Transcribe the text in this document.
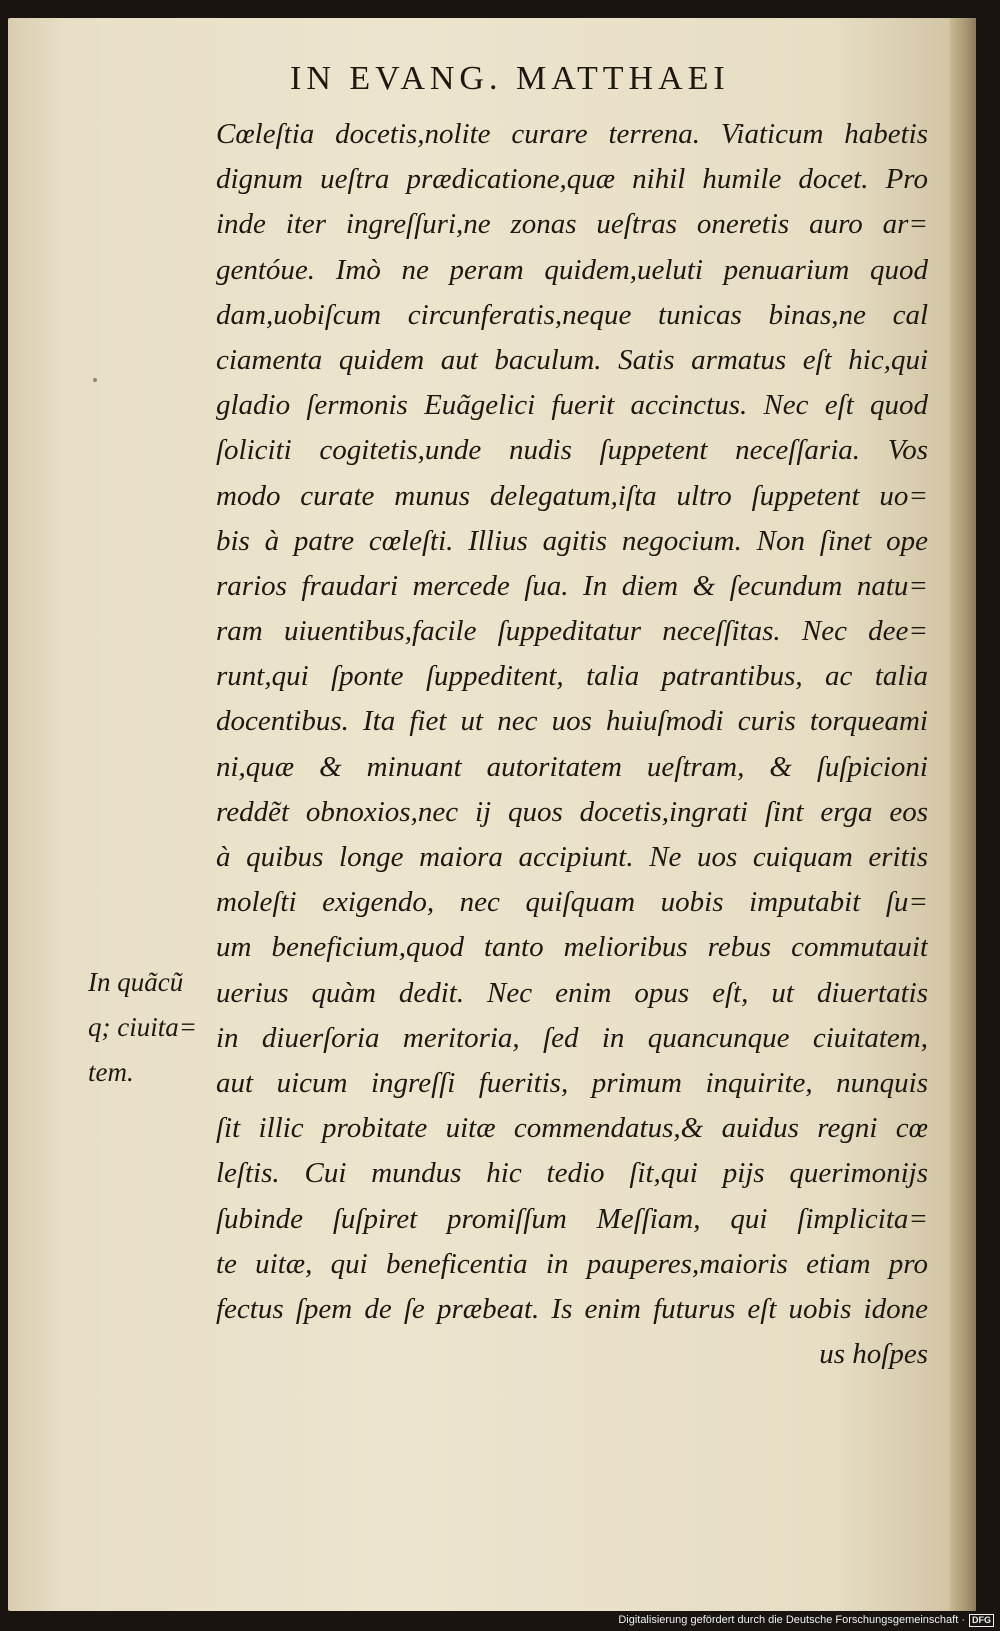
IN EVANG. MATTHAEI
Cœleſtia docetis,nolite curare terrena. Viaticum habetis
dignum ueſtra prædicatione,quæ nihil humile docet. Pro
inde iter ingreſſuri,ne zonas ueſtras oneretis auro ar=
gentóue. Imò ne peram quidem,ueluti penuarium quod
dam,uobiſcum circunferatis,neque tunicas binas,ne cal
ciamenta quidem aut baculum. Satis armatus eſt hic,qui
gladio ſermonis Euãgelici fuerit accinctus. Nec eſt quod
ſoliciti cogitetis,unde nudis ſuppetent neceſſaria. Vos
modo curate munus delegatum,iſta ultro ſuppetent uo=
bis à patre cœleſti. Illius agitis negocium. Non ſinet ope
rarios fraudari mercede ſua. In diem & ſecundum natu=
ram uiuentibus,facile ſuppeditatur neceſſitas. Nec dee=
runt,qui ſponte ſuppeditent, talia patrantibus, ac talia
docentibus. Ita fiet ut nec uos huiuſmodi curis torqueami
ni,quæ & minuant autoritatem ueſtram, & ſuſpicioni
reddẽt obnoxios,nec ij quos docetis,ingrati ſint erga eos
à quibus longe maiora accipiunt. Ne uos cuiquam eritis
moleſti exigendo, nec quiſquam uobis imputabit ſu=
um beneficium,quod tanto melioribus rebus commutauit
uerius quàm dedit. Nec enim opus eſt, ut diuertatis
in diuerſoria meritoria, ſed in quancunque ciuitatem,
aut uicum ingreſſi fueritis, primum inquirite, nunquis
ſit illic probitate uitæ commendatus,& auidus regni cœ
leſtis. Cui mundus hic tedio ſit,qui pijs querimonijs
ſubinde ſuſpiret promiſſum Meſſiam, qui ſimplicita=
te uitæ, qui beneficentia in pauperes,maioris etiam pro
fectus ſpem de ſe præbeat. Is enim futurus eſt uobis idone
us hoſpes
In quãcũ
q; ciuita=
tem.
Digitalisierung gefördert durch die Deutsche Forschungsgemeinschaft · DFG
